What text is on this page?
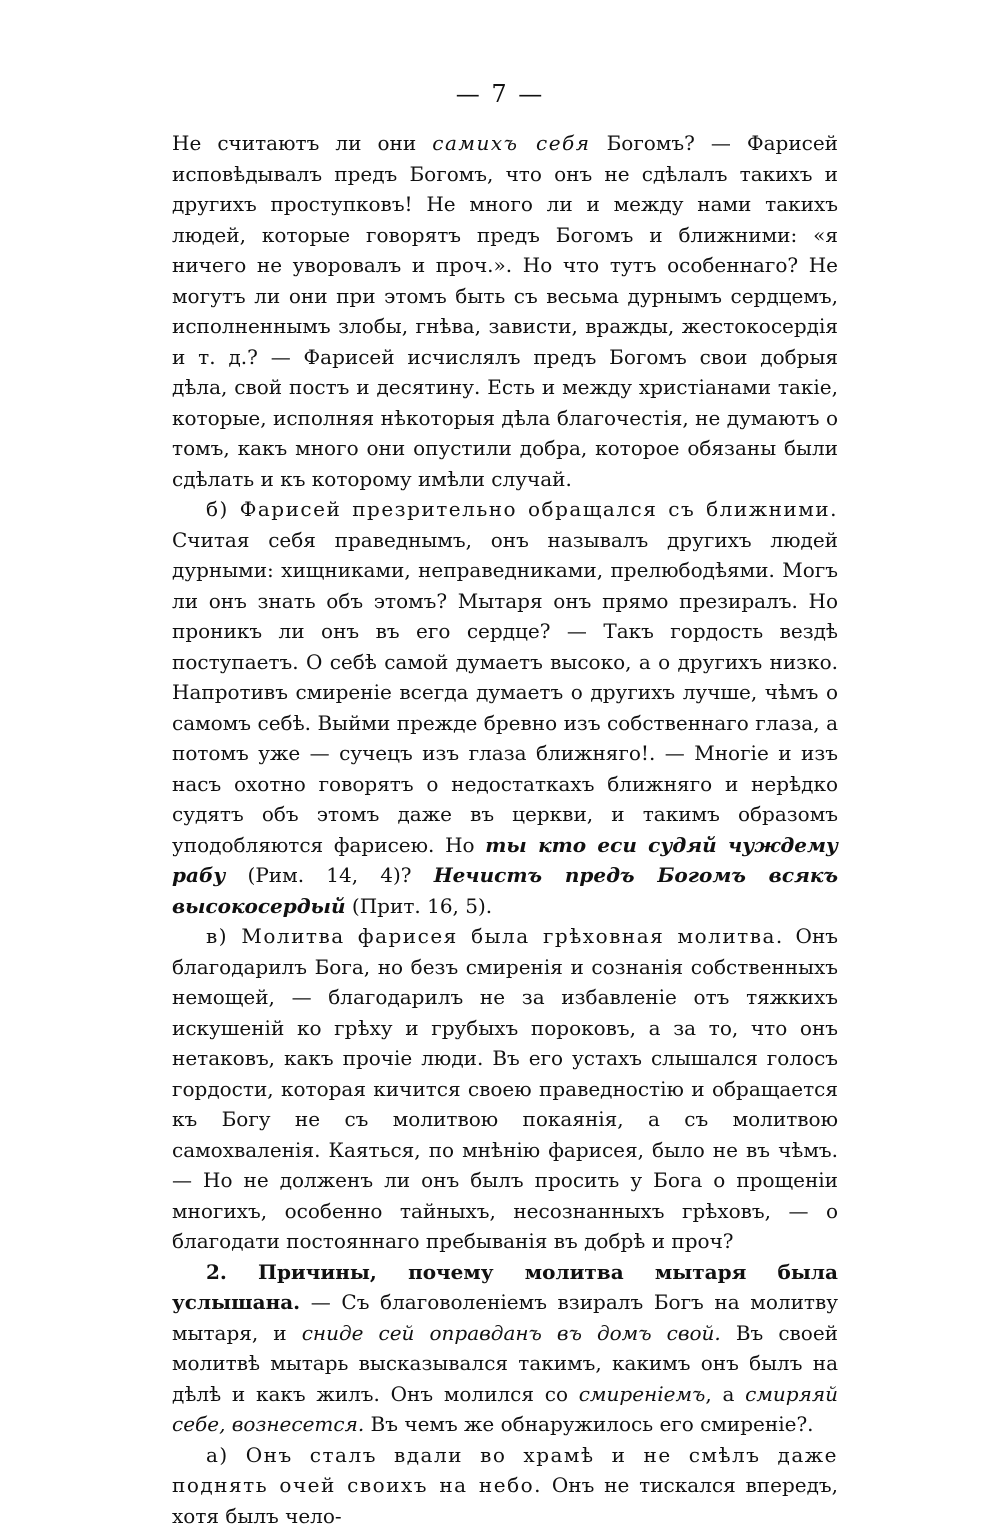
— 7 —

Не считаютъ ли они самихъ себя Богомъ? — Фарисей исповѣдывалъ предъ Богомъ, что онъ не сдѣлалъ такихъ и другихъ проступковъ! Не много ли и между нами такихъ людей, которые говорятъ предъ Богомъ и ближними: «я ничего не уворовалъ и проч.». Но что тутъ особеннаго? Не могутъ ли они при этомъ быть съ весьма дурнымъ сердцемъ, исполненнымъ злобы, гнѣва, зависти, вражды, жестокосердія и т. д.? — Фарисей исчислялъ предъ Богомъ свои добрыя дѣла, свой постъ и десятину. Есть и между христіанами такіе, которые, исполняя нѣкоторыя дѣла благочестія, не думаютъ о томъ, какъ много они опустили добра, которое обязаны были сдѣлать и къ которому имѣли случай.

б) Фарисей презрительно обращался съ ближними. Считая себя праведнымъ, онъ называлъ другихъ людей дурными: хищниками, неправедниками, прелюбодѣями. Могъ ли онъ знать объ этомъ? Мытаря онъ прямо презиралъ. Но проникъ ли онъ въ его сердце? — Такъ гордость вездѣ поступаетъ. О себѣ самой думаетъ высоко, а о другихъ низко. Напротивъ смиреніе всегда думаетъ о другихъ лучше, чѣмъ о самомъ себѣ. Выйми прежде бревно изъ собственнаго глаза, а потомъ уже — сучецъ изъ глаза ближняго!. — Многіе и изъ насъ охотно говорятъ о недостаткахъ ближняго и нерѣдко судятъ объ этомъ даже въ церкви, и такимъ образомъ уподобляются фарисею. Но ты кто еси судяй чуждему рабу (Рим. 14, 4)? Нечистъ предъ Богомъ всякъ высокосердый (Прит. 16, 5).

в) Молитва фарисея была грѣховная молитва. Онъ благодарилъ Бога, но безъ смиренія и сознанія собственныхъ немощей, — благодарилъ не за избавленіе отъ тяжкихъ искушеній ко грѣху и грубыхъ пороковъ, а за то, что онъ нетаковъ, какъ прочіе люди. Въ его устахъ слышался голосъ гордости, которая кичится своею праведностію и обращается къ Богу не съ молитвою покаянія, а съ молитвою самохваленія. Каяться, по мнѣнію фарисея, было не въ чѣмъ. — Но не долженъ ли онъ былъ просить у Бога о прощеніи многихъ, особенно тайныхъ, несознанныхъ грѣховъ, — о благодати постояннаго пребыванія въ добрѣ и проч?

2. Причины, почему молитва мытаря была услышана. — Съ благоволеніемъ взиралъ Богъ на молитву мытаря, и сниде сей оправданъ въ домъ свой. Въ своей молитвѣ мытарь высказывался такимъ, какимъ онъ былъ на дѣлѣ и какъ жилъ. Онъ молился со смиреніемъ, а смиряяй себе, вознесется. Въ чемъ же обнаружилось его смиреніе?.

а) Онъ сталъ вдали во храмѣ и не смѣлъ даже поднять очей своихъ на небо. Онъ не тискался впередъ, хотя былъ чело-
